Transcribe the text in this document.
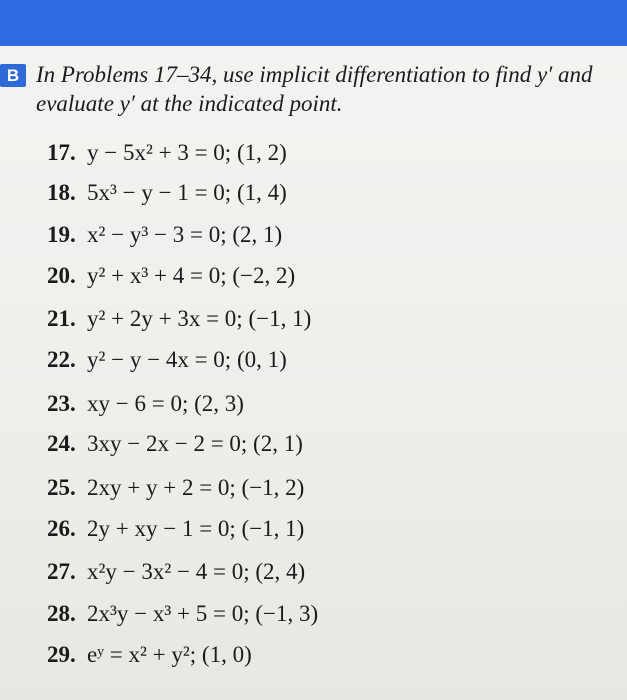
B In Problems 17–34, use implicit differentiation to find y′ and evaluate y′ at the indicated point.

17. y − 5x² + 3 = 0; (1, 2)
18. 5x³ − y − 1 = 0; (1, 4)
19. x² − y³ − 3 = 0; (2, 1)
20. y² + x³ + 4 = 0; (−2, 2)
21. y² + 2y + 3x = 0; (−1, 1)
22. y² − y − 4x = 0; (0, 1)
23. xy − 6 = 0; (2, 3)
24. 3xy − 2x − 2 = 0; (2, 1)
25. 2xy + y + 2 = 0; (−1, 2)
26. 2y + xy − 1 = 0; (−1, 1)
27. x²y − 3x² − 4 = 0; (2, 4)
28. 2x³y − x³ + 5 = 0; (−1, 3)
29. eʸ = x² + y²; (1, 0)
